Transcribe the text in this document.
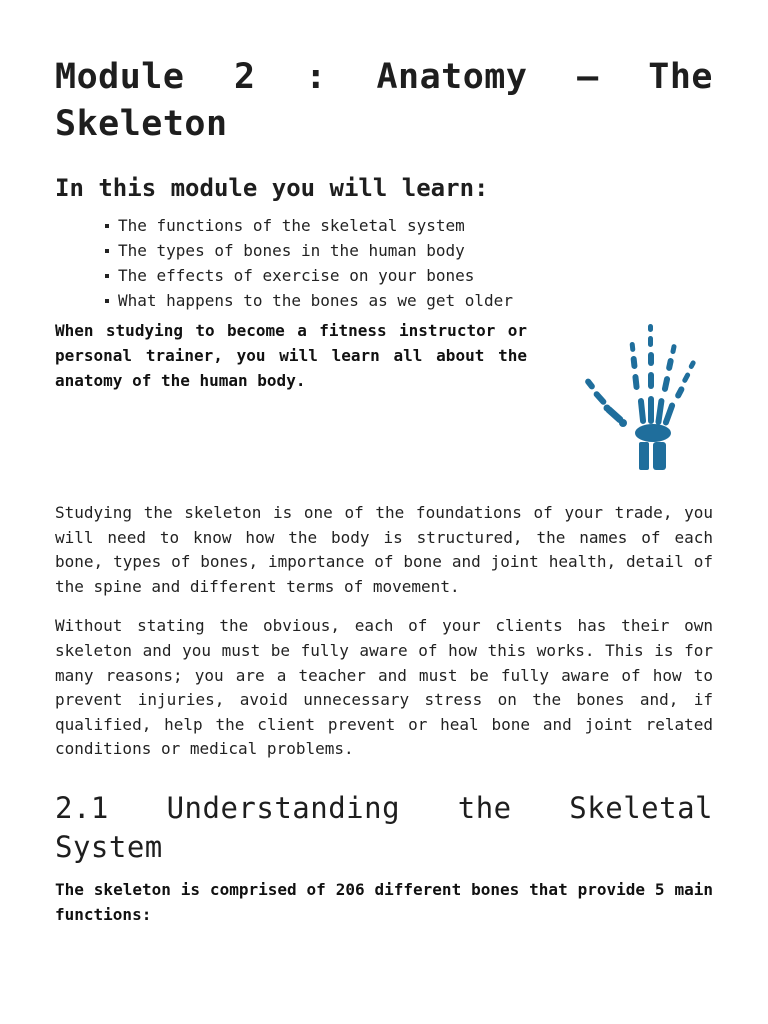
Module 2 : Anatomy – The Skeleton
In this module you will learn:
The functions of the skeletal system
The types of bones in the human body
The effects of exercise on your bones
What happens to the bones as we get older

When studying to become a fitness instructor or personal trainer, you will learn all about the anatomy of the human body.

Studying the skeleton is one of the foundations of your trade, you will need to know how the body is structured, the names of each bone, types of bones, importance of bone and joint health, detail of the spine and different terms of movement.

Without stating the obvious, each of your clients has their own skeleton and you must be fully aware of how this works. This is for many reasons; you are a teacher and must be fully aware of how to prevent injuries, avoid unnecessary stress on the bones and, if qualified, help the client prevent or heal bone and joint related conditions or medical problems.

2.1 Understanding the Skeletal System

The skeleton is comprised of 206 different bones that provide 5 main functions:
